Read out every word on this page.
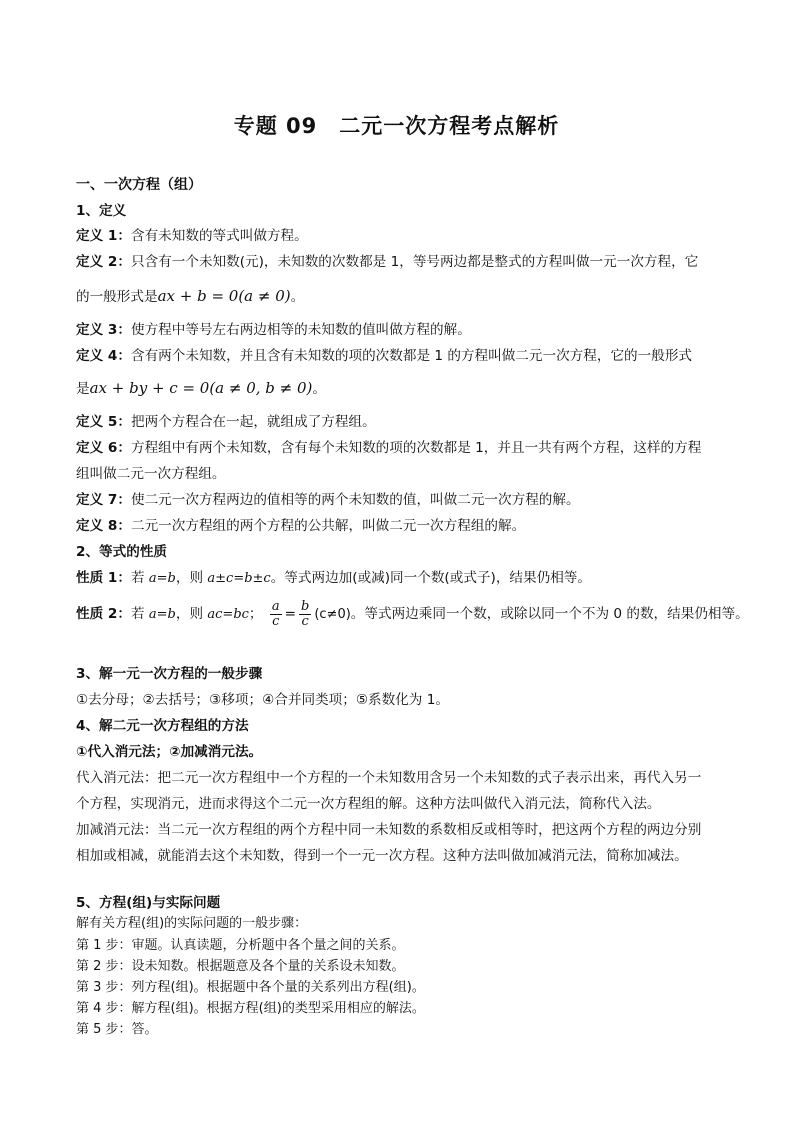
专题 09　二元一次方程考点解析
一、一次方程（组）
1、定义
定义 1：含有未知数的等式叫做方程。
定义 2：只含有一个未知数(元)，未知数的次数都是 1，等号两边都是整式的方程叫做一元一次方程，它
的一般形式是ax + b = 0(a ≠ 0)。
定义 3：使方程中等号左右两边相等的未知数的值叫做方程的解。
定义 4：含有两个未知数，并且含有未知数的项的次数都是 1 的方程叫做二元一次方程，它的一般形式
是ax + by + c = 0(a ≠ 0, b ≠ 0)。
定义 5：把两个方程合在一起，就组成了方程组。
定义 6：方程组中有两个未知数，含有每个未知数的项的次数都是 1，并且一共有两个方程，这样的方程
组叫做二元一次方程组。
定义 7：使二元一次方程两边的值相等的两个未知数的值，叫做二元一次方程的解。
定义 8：二元一次方程组的两个方程的公共解，叫做二元一次方程组的解。
2、等式的性质
性质 1：若 a=b，则 a±c=b±c。等式两边加(或减)同一个数(或式子)，结果仍相等。
性质 2：若 a=b，则 ac=bc； $\frac{a}{c} = \frac{b}{c} (c\ne 0)$。等式两边乘同一个数，或除以同一个不为 0 的数，结果仍相等。
3、解一元一次方程的一般步骤
①去分母；②去括号；③移项；④合并同类项；⑤系数化为 1。
4、解二元一次方程组的方法
①代入消元法；②加减消元法。
代入消元法：把二元一次方程组中一个方程的一个未知数用含另一个未知数的式子表示出来，再代入另一
个方程，实现消元，进而求得这个二元一次方程组的解。这种方法叫做代入消元法，简称代入法。
加减消元法：当二元一次方程组的两个方程中同一未知数的系数相反或相等时，把这两个方程的两边分别
相加或相减，就能消去这个未知数，得到一个一元一次方程。这种方法叫做加减消元法，简称加减法。
5、方程(组)与实际问题
解有关方程(组)的实际问题的一般步骤：
第 1 步：审题。认真读题，分析题中各个量之间的关系。
第 2 步：设未知数。根据题意及各个量的关系设未知数。
第 3 步：列方程(组)。根据题中各个量的关系列出方程(组)。
第 4 步：解方程(组)。根据方程(组)的类型采用相应的解法。
第 5 步：答。
